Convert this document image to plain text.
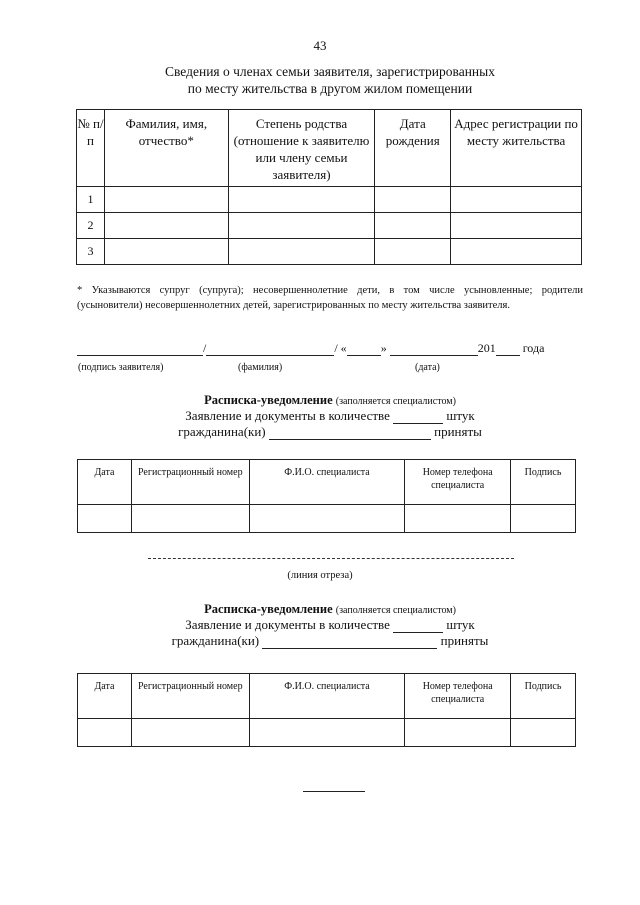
43
Сведения о членах семьи заявителя, зарегистрированных
по месту жительства в другом жилом помещении
№ п/п	Фамилия, имя, отчество*	Степень родства (отношение к заявителю или члену семьи заявителя)	Дата рождения	Адрес регистрации по месту жительства
1				
2				
3				
* Указываются супруг (супруга); несовершеннолетние дети, в том числе усыновленные; родители (усыновители) несовершеннолетних детей, зарегистрированных по месту жительства заявителя.
/	/ «	»	201 года
(подпись заявителя)	(фамилия)	(дата)
Расписка-уведомление (заполняется специалистом)
Заявление и документы в количестве	штук
гражданина(ки)	приняты
Дата	Регистрационный номер	Ф.И.О. специалиста	Номер телефона специалиста	Подпись

(линия отреза)
Расписка-уведомление (заполняется специалистом)
Заявление и документы в количестве	штук
гражданина(ки)	приняты
Дата	Регистрационный номер	Ф.И.О. специалиста	Номер телефона специалиста	Подпись
